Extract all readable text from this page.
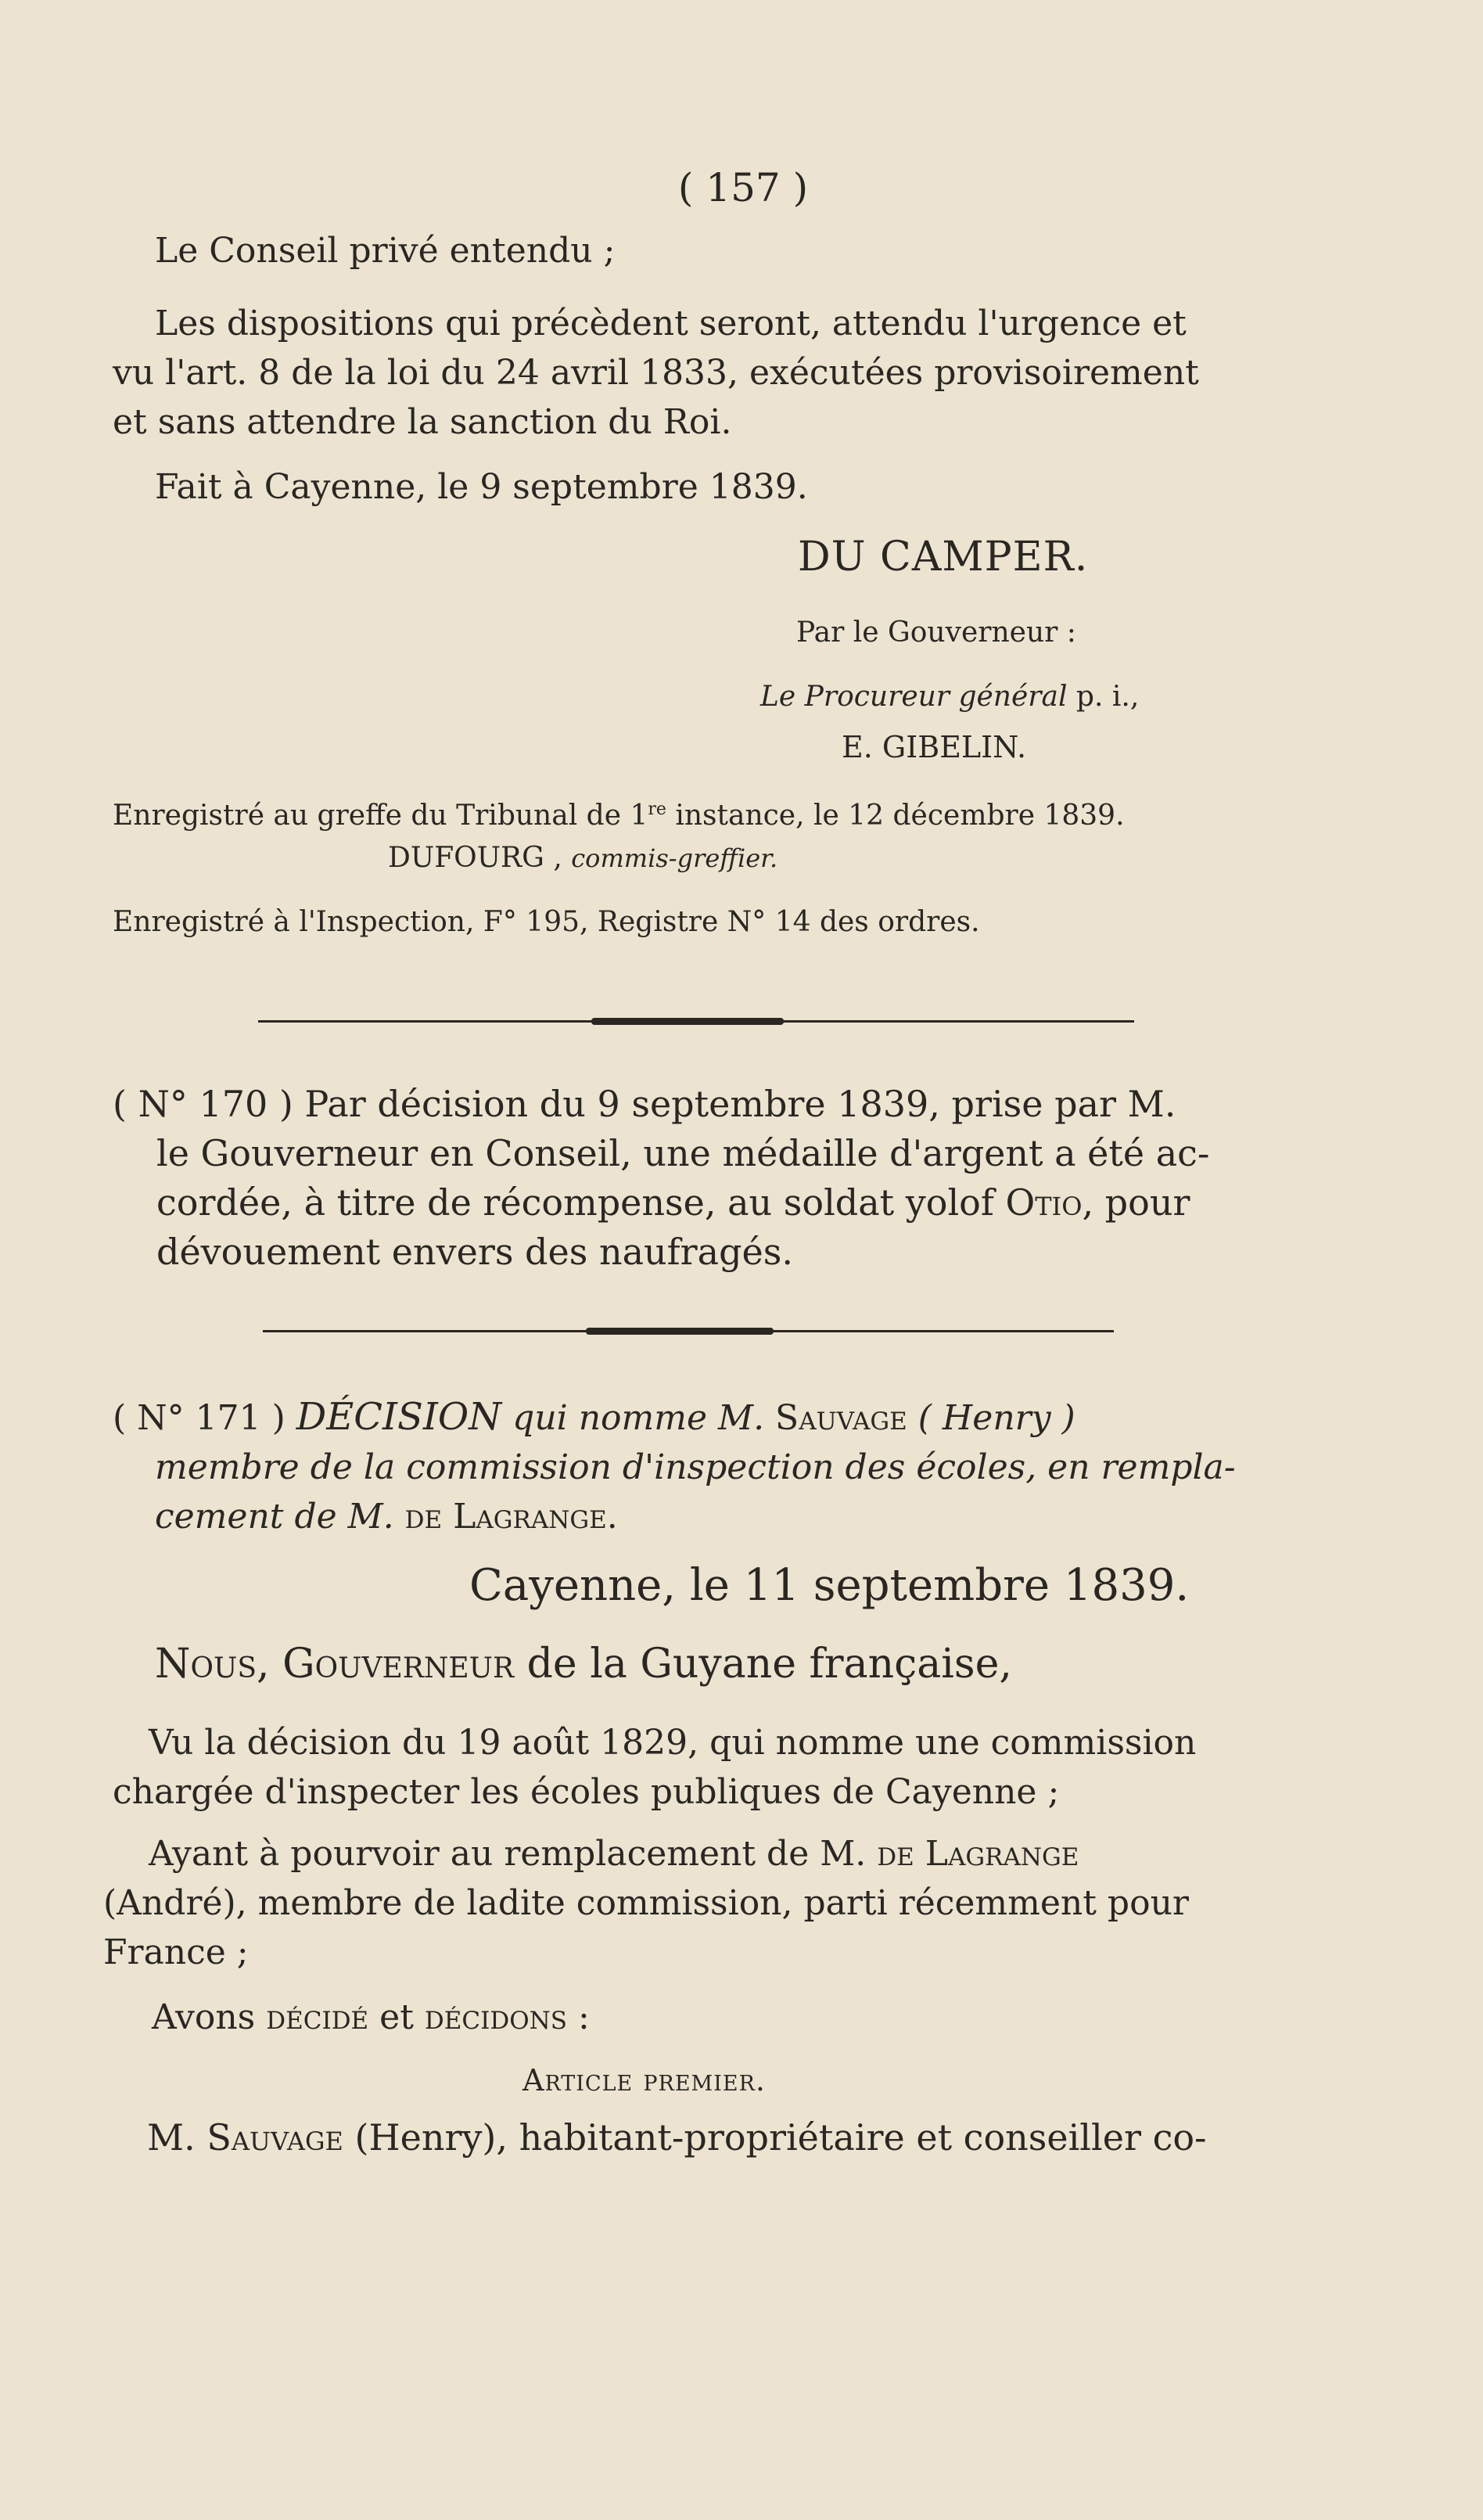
( 157 )

Le Conseil privé entendu ;

Les dispositions qui précèdent seront, attendu l'urgence et
vu l'art. 8 de la loi du 24 avril 1833, exécutées provisoirement
et sans attendre la sanction du Roi.

Fait à Cayenne, le 9 septembre 1839.

DU CAMPER.
Par le Gouverneur :
Le Procureur général p. i.,
E. GIBELIN.
Enregistré au greffe du Tribunal de 1re instance, le 12 décembre 1839.
DUFOURG , commis-greffier.
Enregistré à l'Inspection, F° 195, Registre N° 14 des ordres.
( N° 170 ) Par décision du 9 septembre 1839, prise par M.
le Gouverneur en Conseil, une médaille d'argent a été ac-
cordée, à titre de récompense, au soldat yolof Otio, pour
dévouement envers des naufragés.
( N° 171 ) DÉCISION qui nomme M. Sauvage ( Henry )
membre de la commission d'inspection des écoles, en rempla-
cement de M. de Lagrange.
Cayenne, le 11 septembre 1839.
Nous, Gouverneur de la Guyane française,
Vu la décision du 19 août 1829, qui nomme une commission
chargée d'inspecter les écoles publiques de Cayenne ;
Ayant à pourvoir au remplacement de M. de Lagrange
(André), membre de ladite commission, parti récemment pour
France ;
Avons décidé et décidons :
Article premier.
M. Sauvage (Henry), habitant-propriétaire et conseiller co-
